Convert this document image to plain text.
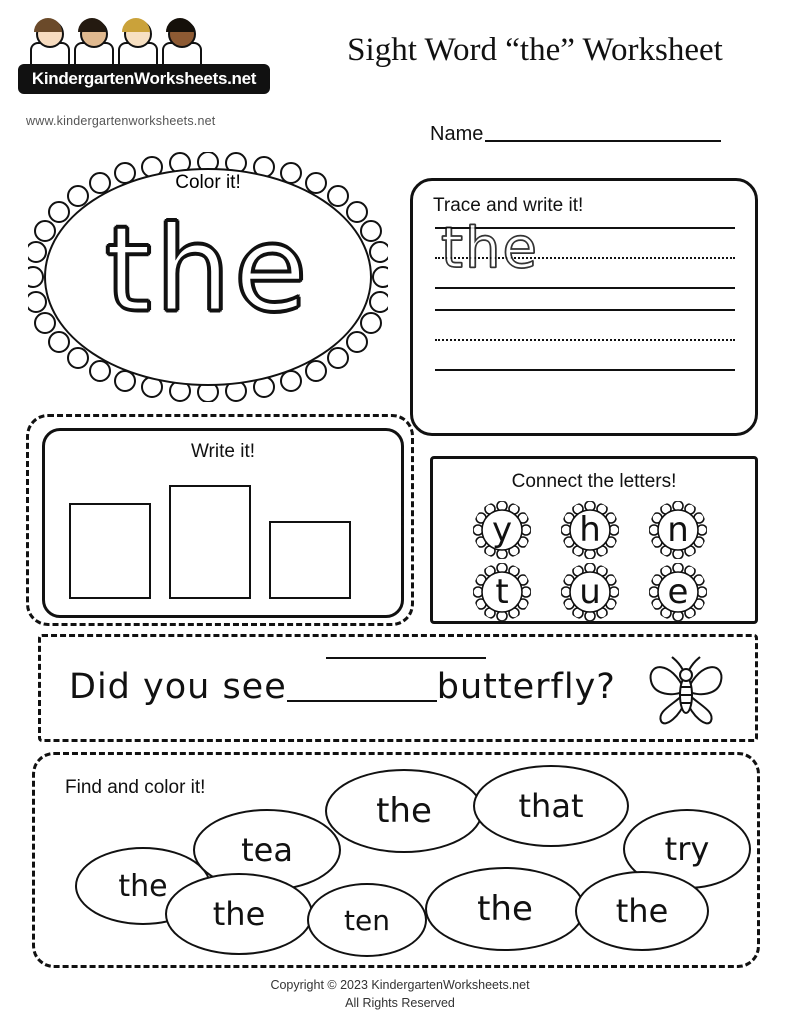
KindergartenWorksheets.net
www.kindergartenworksheets.net
Sight Word “the” Worksheet
Name
Color it!
the	Trace and write it!
the
Write it!
Connect the letters!
y	h	n
t	u	e
Did you see	butterfly?
Find and color it!
the
tea
the	that
try
the	ten	the	the
Copyright © 2023 KindergartenWorksheets.net
All Rights Reserved
